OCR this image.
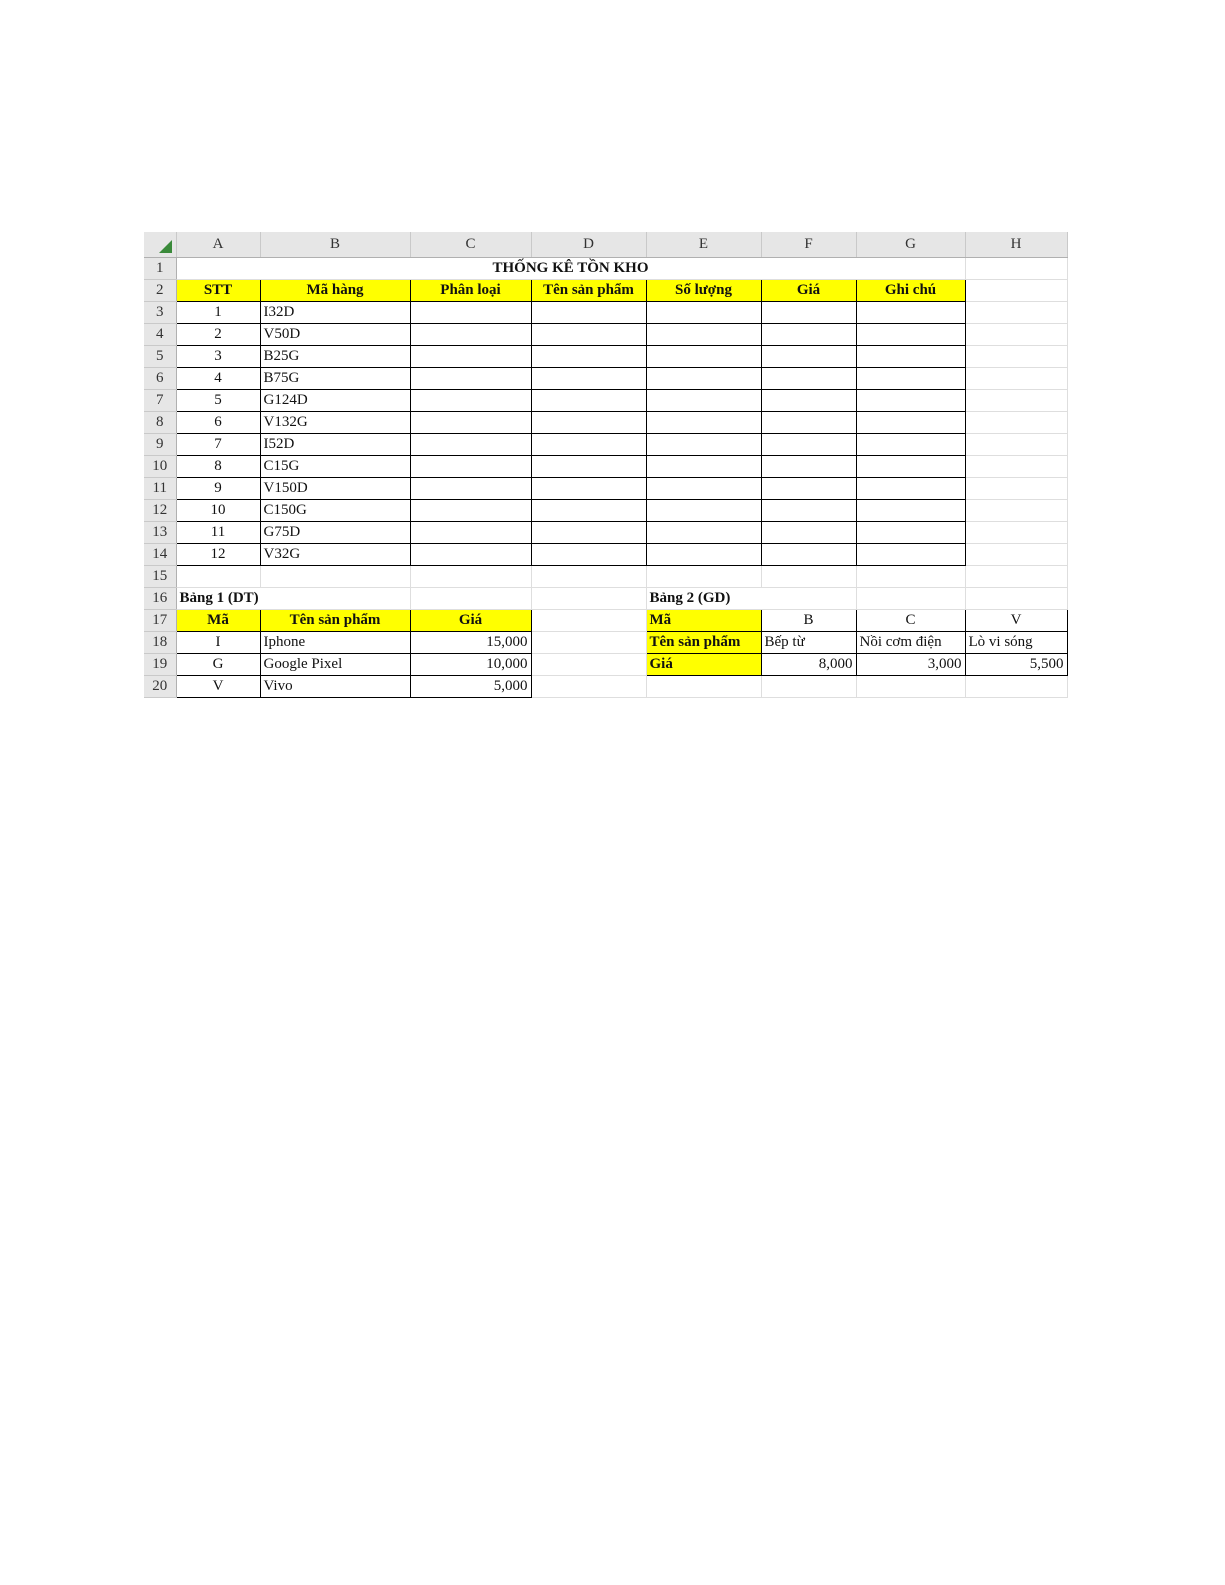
	A	B	C	D	E	F	G	H
1	THỐNG KÊ TỒN KHO							
2	STT	Mã hàng	Phân loại	Tên sản phẩm	Số lượng	Giá	Ghi chú	
3	1	I32D						
4	2	V50D						
5	3	B25G						
6	4	B75G						
7	5	G124D						
8	6	V132G						
9	7	I52D						
10	8	C15G						
11	9	V150D						
12	10	C150G						
13	11	G75D						
14	12	V32G						
15								
16	Bảng 1 (DT)				Bảng 2 (GD)			
17	Mã	Tên sản phẩm	Giá		Mã	B	C	V
18	I	Iphone	15,000		Tên sản phẩm	Bếp từ	Nồi cơm điện	Lò vi sóng
19	G	Google Pixel	10,000		Giá	8,000	3,000	5,500
20	V	Vivo	5,000					
